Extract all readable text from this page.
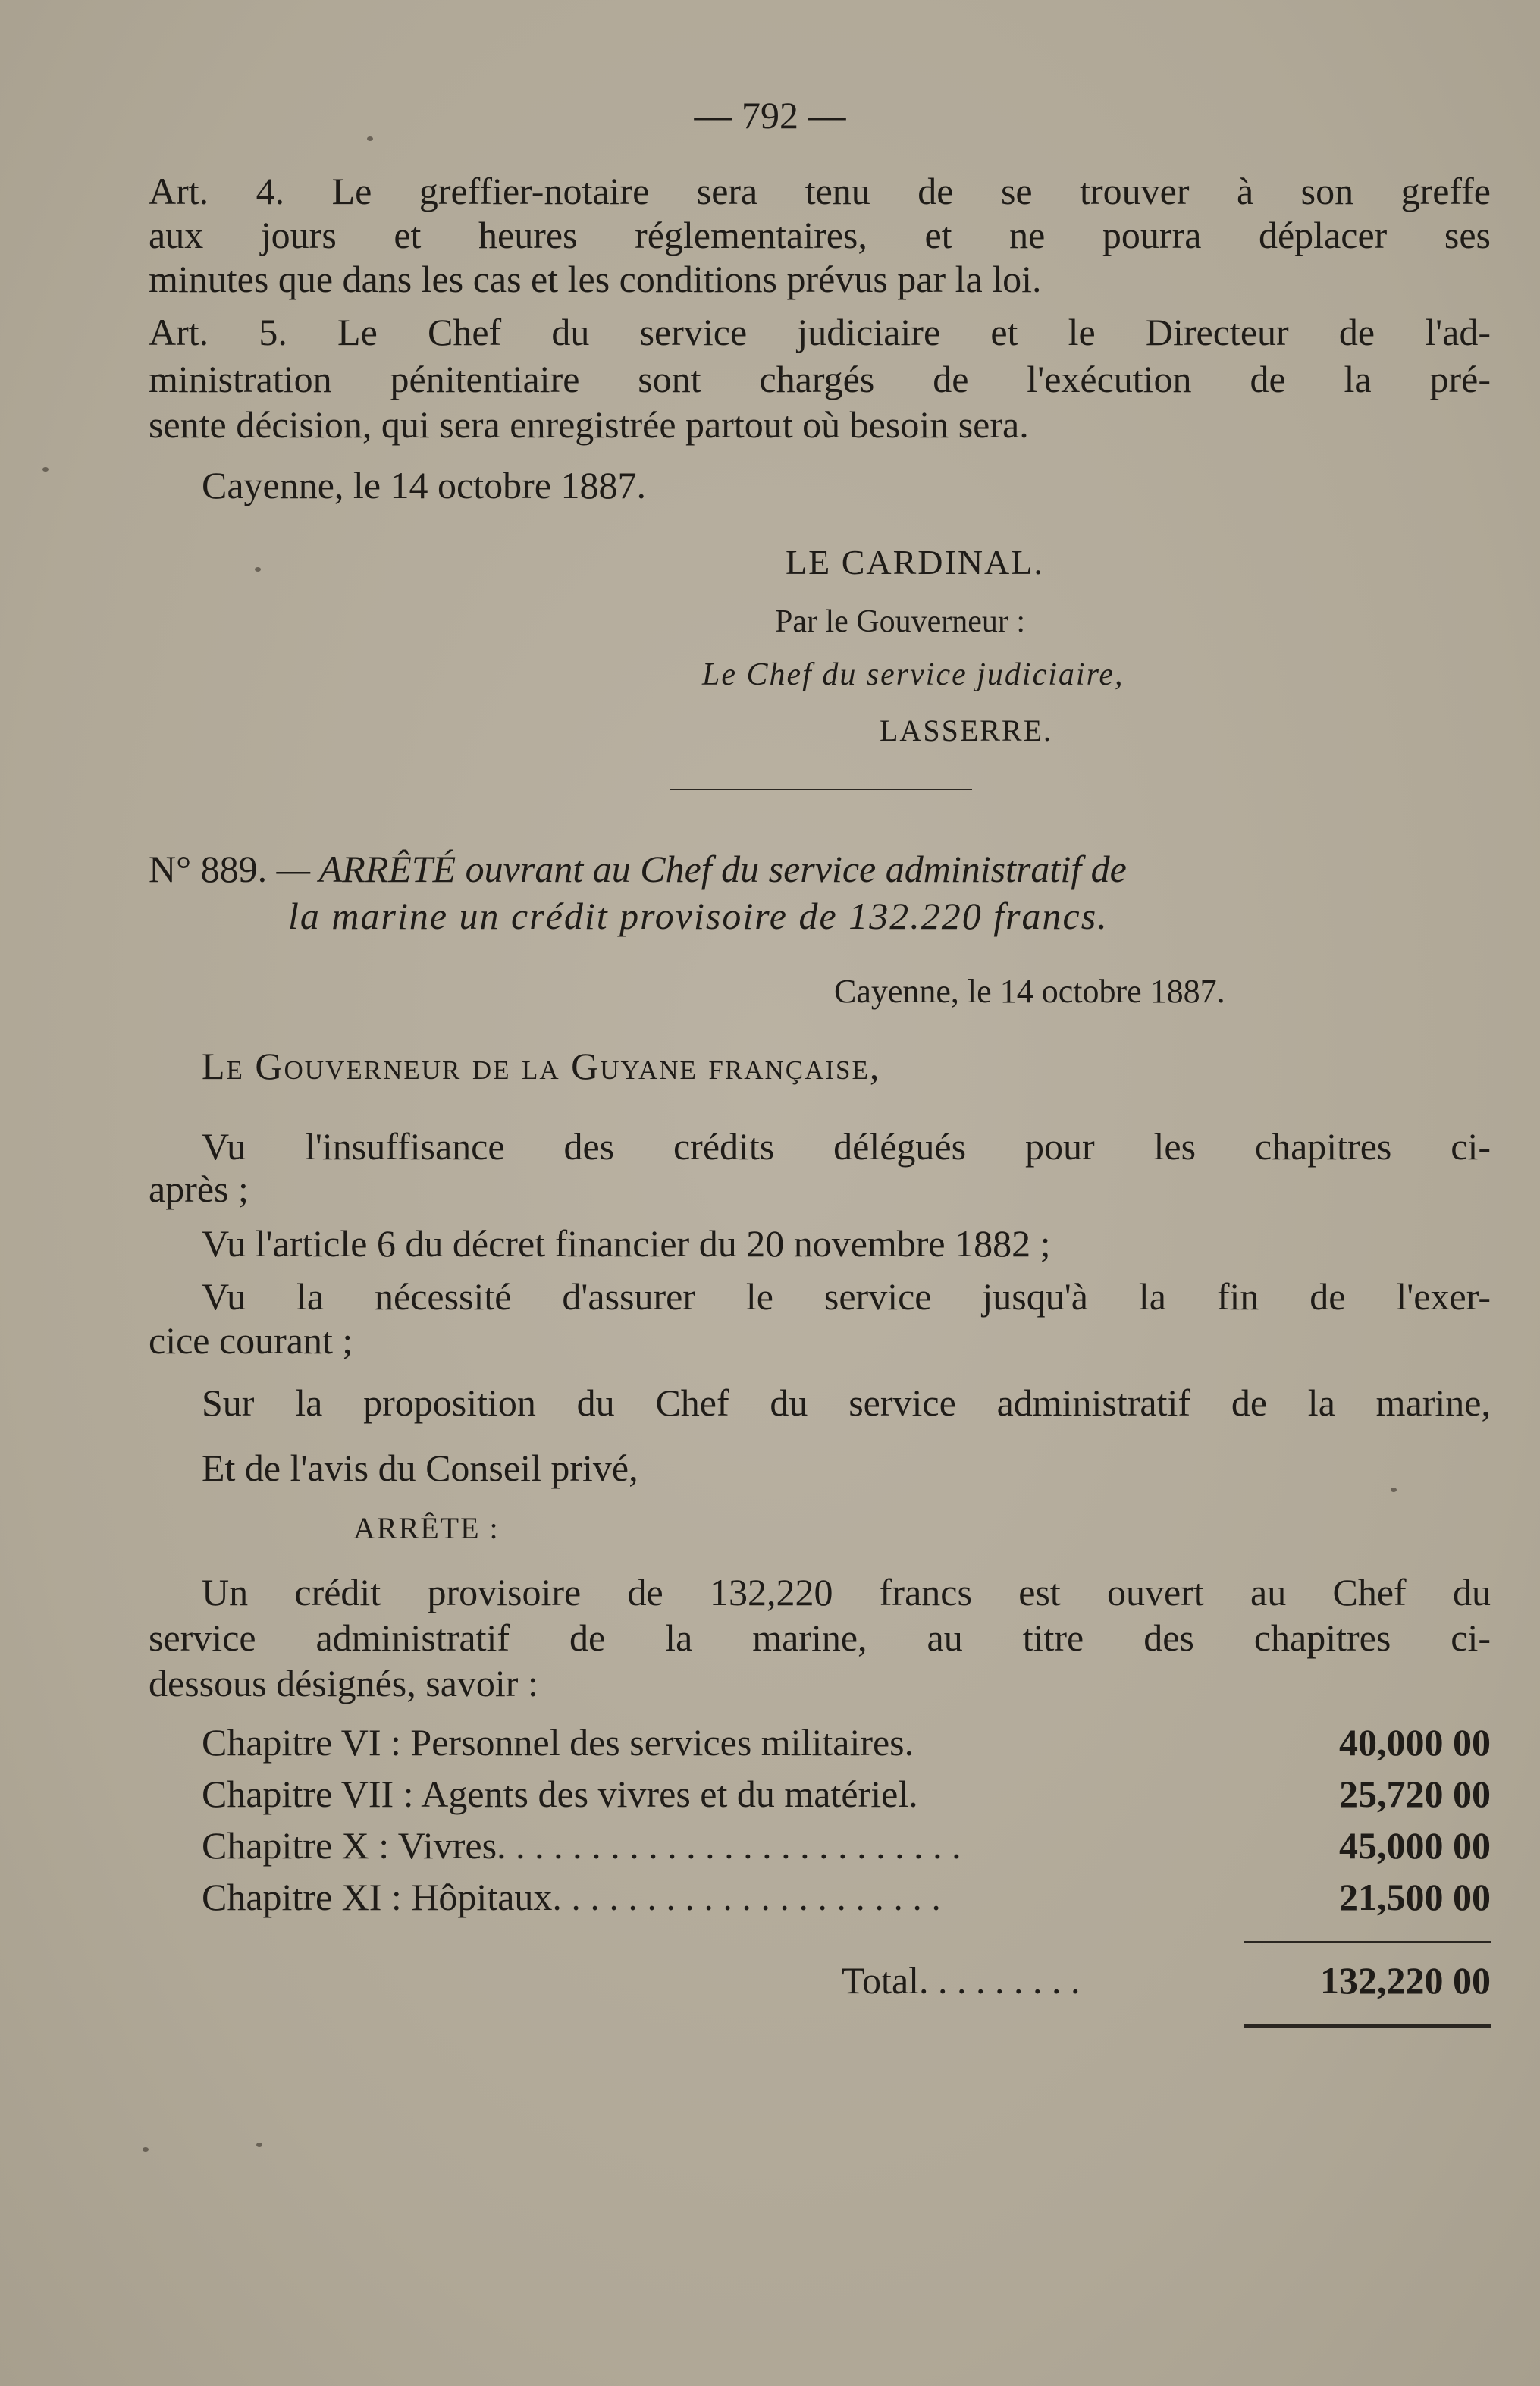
— 792 —
Art. 4. Le greffier-notaire sera tenu de se trouver à son greffe
aux jours et heures réglementaires, et ne pourra déplacer ses
minutes que dans les cas et les conditions prévus par la loi.
Art. 5. Le Chef du service judiciaire et le Directeur de l'ad-
ministration pénitentiaire sont chargés de l'exécution de la pré-
sente décision, qui sera enregistrée partout où besoin sera.
Cayenne, le 14 octobre 1887.
LE CARDINAL.
Par le Gouverneur :
Le Chef du service judiciaire,
LASSERRE.
N° 889. — ARRÊTÉ ouvrant au Chef du service administratif de
la marine un crédit provisoire de 132.220 francs.
Cayenne, le 14 octobre 1887.
Le Gouverneur de la Guyane française,
Vu l'insuffisance des crédits délégués pour les chapitres ci-
après ;
Vu l'article 6 du décret financier du 20 novembre 1882 ;
Vu la nécessité d'assurer le service jusqu'à la fin de l'exer-
cice courant ;
Sur la proposition du Chef du service administratif de la marine,
Et de l'avis du Conseil privé,
ARRÊTE :
Un crédit provisoire de 132,220 francs est ouvert au Chef du
service administratif de la marine, au titre des chapitres ci-
dessous désignés, savoir :
Chapitre VI : Personnel des services militaires.	40,000 00
Chapitre VII : Agents des vivres et du matériel.	25,720 00
Chapitre X : Vivres. . . . . . . . . . . . . . . . . . . . . . . . .	45,000 00
Chapitre XI : Hôpitaux. . . . . . . . . . . . . . . . . . . . .	21,500 00
Total. . . . . . . . .	132,220 00
